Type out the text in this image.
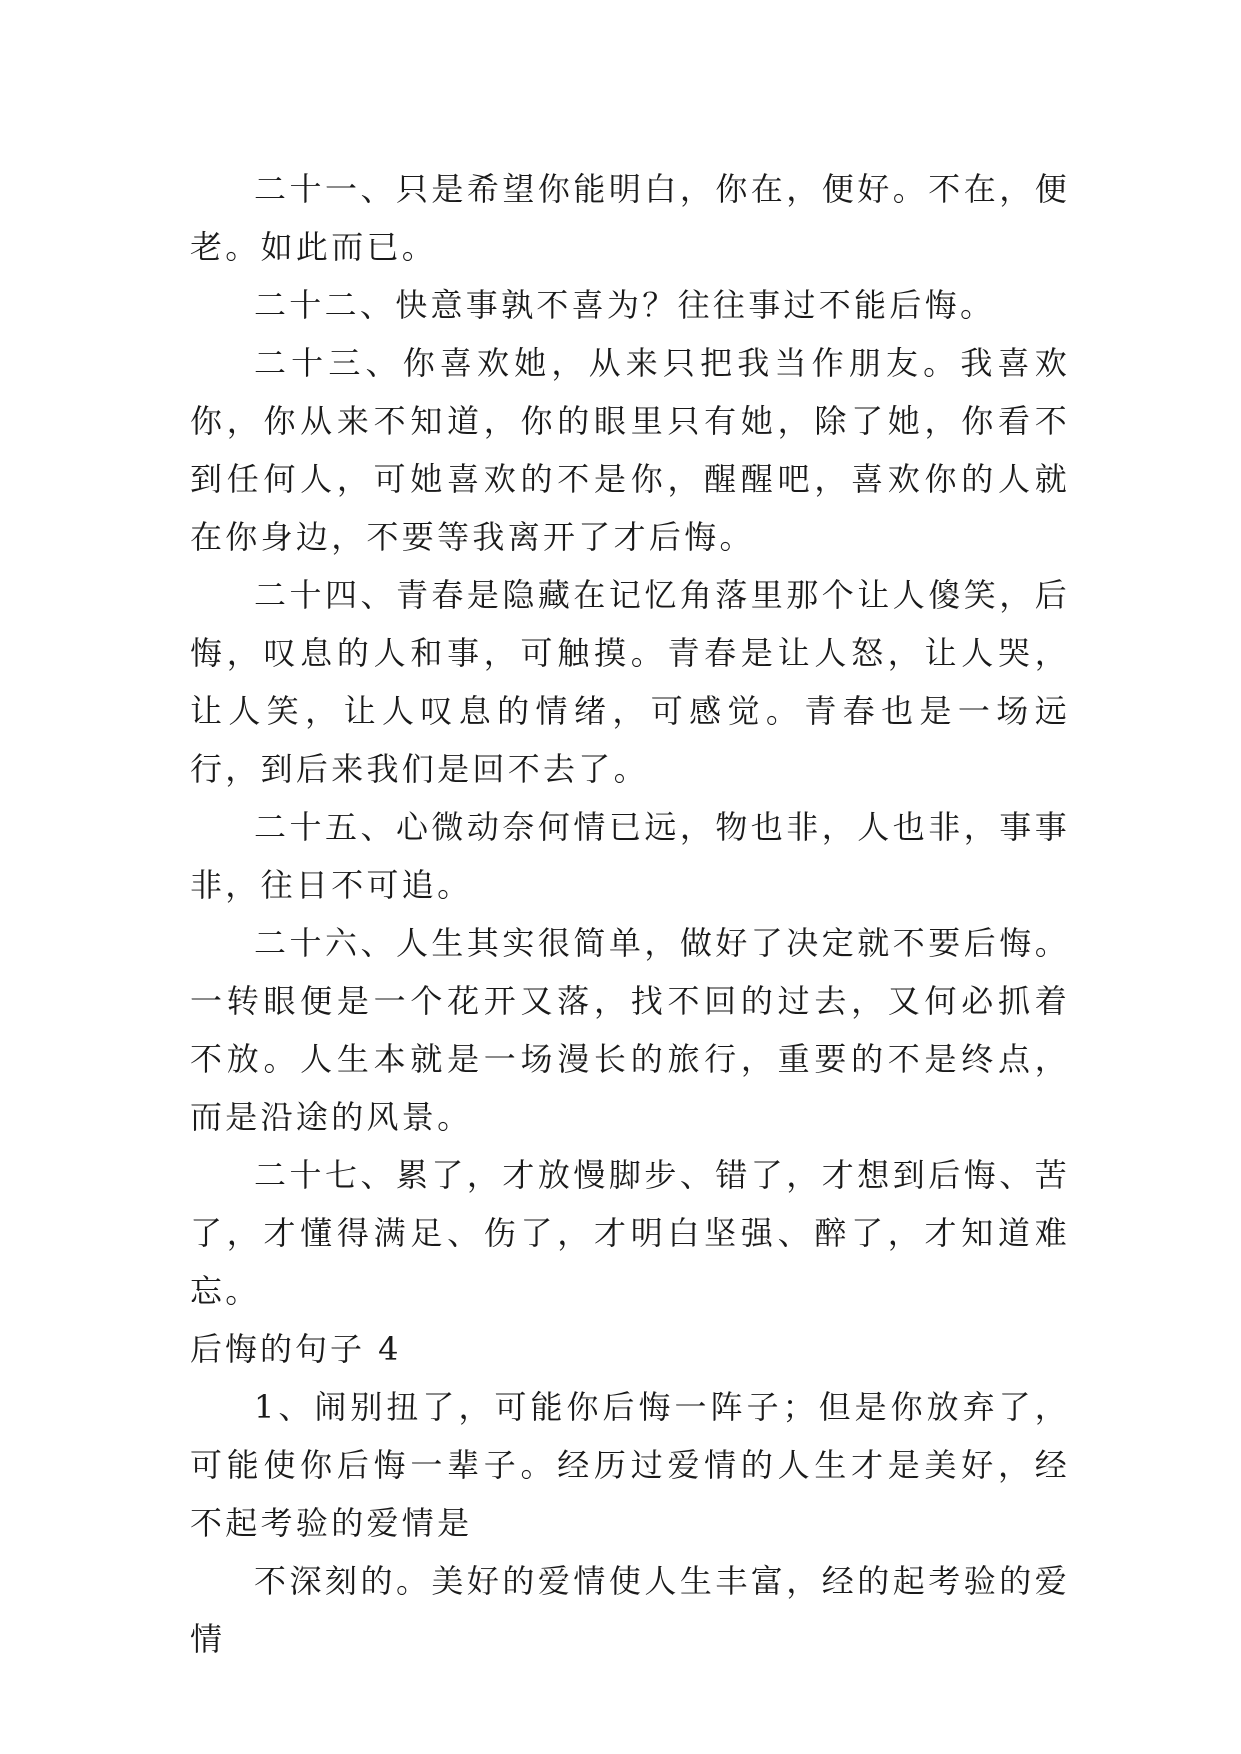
二十一、只是希望你能明白，你在，便好。不在，便老。如此而已。

二十二、快意事孰不喜为？往往事过不能后悔。

二十三、你喜欢她，从来只把我当作朋友。我喜欢你，你从来不知道，你的眼里只有她，除了她，你看不到任何人，可她喜欢的不是你，醒醒吧，喜欢你的人就在你身边，不要等我离开了才后悔。

二十四、青春是隐藏在记忆角落里那个让人傻笑，后悔，叹息的人和事，可触摸。青春是让人怒，让人哭，让人笑，让人叹息的情绪，可感觉。青春也是一场远行，到后来我们是回不去了。

二十五、心微动奈何情已远，物也非，人也非，事事非，往日不可追。

二十六、人生其实很简单，做好了决定就不要后悔。一转眼便是一个花开又落，找不回的过去，又何必抓着不放。人生本就是一场漫长的旅行，重要的不是终点，而是沿途的风景。

二十七、累了，才放慢脚步、错了，才想到后悔、苦了，才懂得满足、伤了，才明白坚强、醉了，才知道难忘。

后悔的句子 4

1、闹别扭了，可能你后悔一阵子；但是你放弃了，可能使你后悔一辈子。经历过爱情的人生才是美好，经不起考验的爱情是

不深刻的。美好的爱情使人生丰富，经的起考验的爱情
